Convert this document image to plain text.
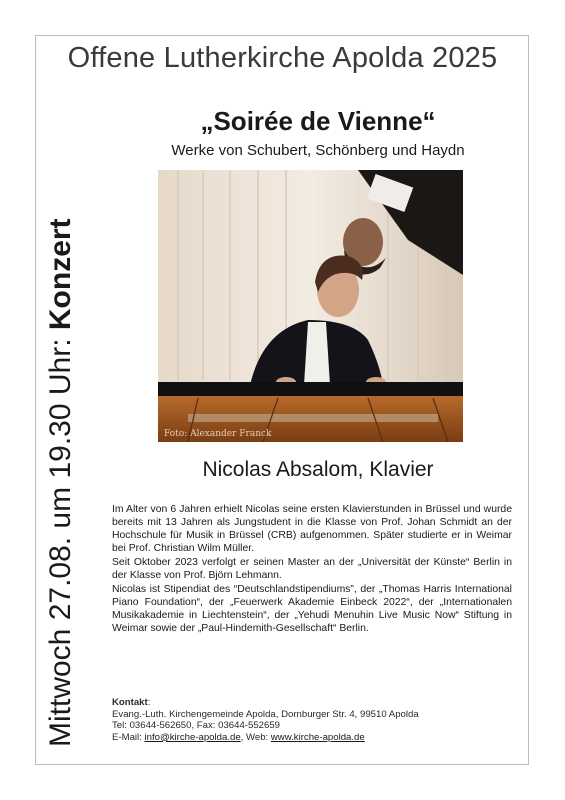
Offene Lutherkirche Apolda 2025
Mittwoch 27.08. um 19.30 Uhr: Konzert
„Soirée de Vienne“
Werke von Schubert, Schönberg und Haydn
Foto: Alexander Franck
Nicolas Absalom, Klavier

Im Alter von 6 Jahren erhielt Nicolas seine ersten Klavierstunden in Brüssel und wurde bereits mit 13 Jahren als Jungstudent in die Klasse von Prof. Johan Schmidt an der Hochschule für Musik in Brüssel (CRB) aufgenommen. Später studierte er in Weimar bei Prof. Christian Wilm Müller.

Seit Oktober 2023 verfolgt er seinen Master an der „Universität der Künste“ Berlin in der Klasse von Prof. Björn Lehmann.

Nicolas ist Stipendiat des “Deutschlandstipendiums”, der „Thomas Harris International Piano Foundation“, der „Feuerwerk Akademie Einbeck 2022“, der „Internationalen Musikakademie in Liechtenstein“, der „Yehudi Menuhin Live Music Now“ Stiftung in Weimar sowie der „Paul-Hindemith-Gesellschaft“ Berlin.

Kontakt:
Evang.-Luth. Kirchengemeinde Apolda, Dornburger Str. 4, 99510 Apolda
Tel: 03644-562650, Fax: 03644-552659
E-Mail: info@kirche-apolda.de, Web: www.kirche-apolda.de
